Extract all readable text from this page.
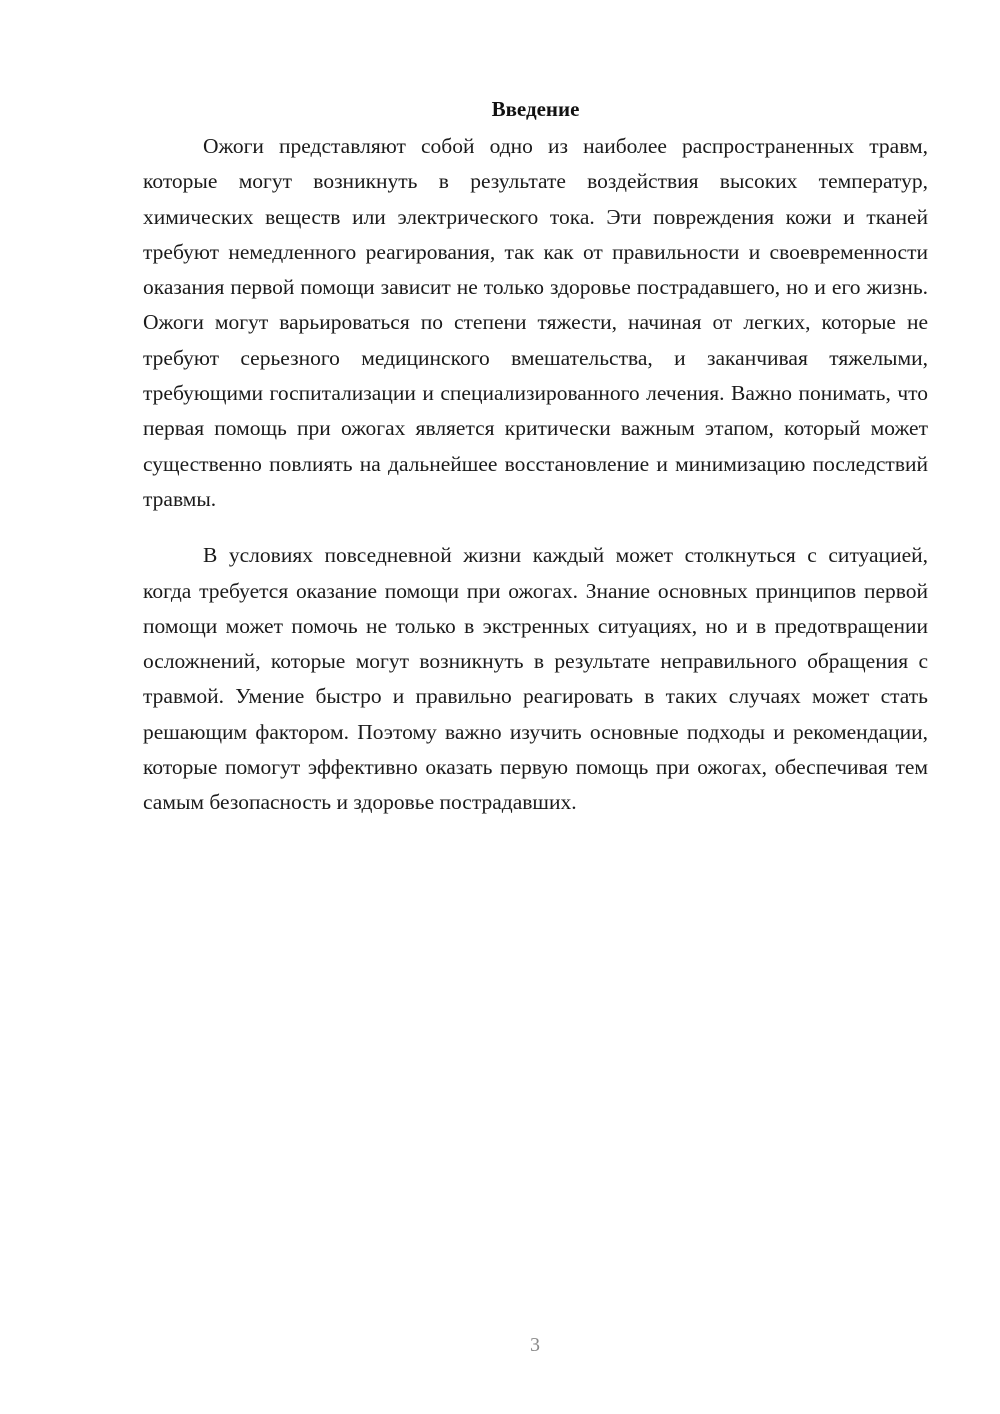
Введение

Ожоги представляют собой одно из наиболее распространенных травм, которые могут возникнуть в результате воздействия высоких температур, химических веществ или электрического тока. Эти повреждения кожи и тканей требуют немедленного реагирования, так как от правильности и своевременности оказания первой помощи зависит не только здоровье пострадавшего, но и его жизнь. Ожоги могут варьироваться по степени тяжести, начиная от легких, которые не требуют серьезного медицинского вмешательства, и заканчивая тяжелыми, требующими госпитализации и специализированного лечения. Важно понимать, что первая помощь при ожогах является критически важным этапом, который может существенно повлиять на дальнейшее восстановление и минимизацию последствий травмы.

В условиях повседневной жизни каждый может столкнуться с ситуацией, когда требуется оказание помощи при ожогах. Знание основных принципов первой помощи может помочь не только в экстренных ситуациях, но и в предотвращении осложнений, которые могут возникнуть в результате неправильного обращения с травмой. Умение быстро и правильно реагировать в таких случаях может стать решающим фактором. Поэтому важно изучить основные подходы и рекомендации, которые помогут эффективно оказать первую помощь при ожогах, обеспечивая тем самым безопасность и здоровье пострадавших.

3
